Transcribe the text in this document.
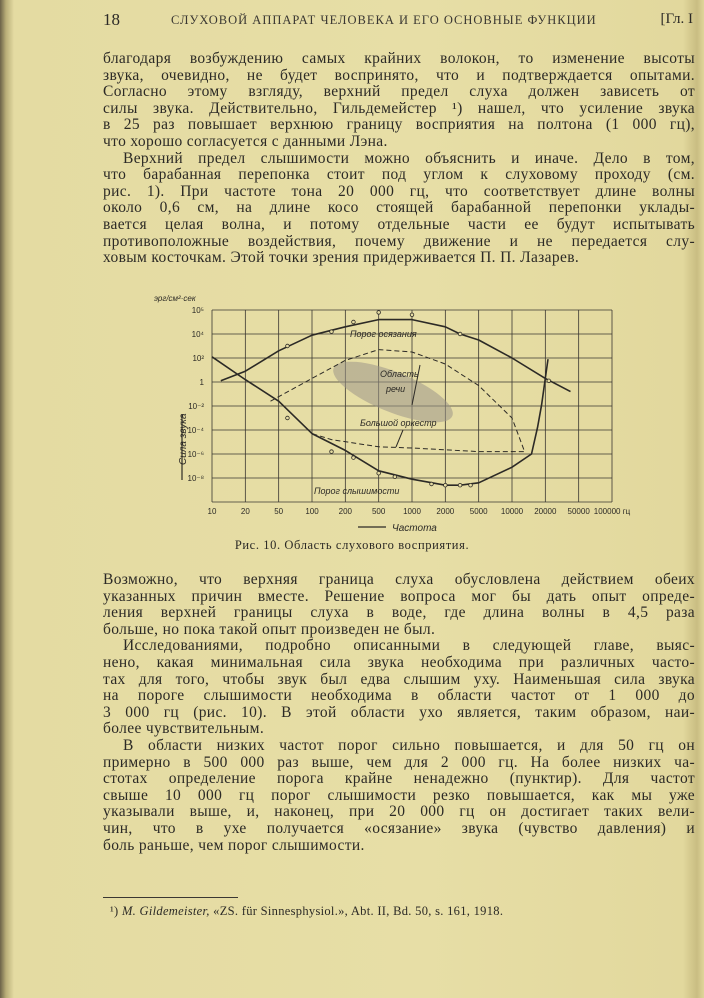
18	СЛУХОВОЙ АППАРАТ ЧЕЛОВЕКА И ЕГО ОСНОВНЫЕ ФУНКЦИИ	[Гл. I
благодаря возбуждению самых крайних волокон, то изменение высоты
звука, очевидно, не будет воспринято, что и подтверждается опытами.
Согласно этому взгляду, верхний предел слуха должен зависеть от
силы звука. Действительно, Гильдемейстер ¹) нашел, что усиление звука
в 25 раз повышает верхнюю границу восприятия на полтона (1 000 гц),
что хорошо согласуется с данными Лэна.
Верхний предел слышимости можно объяснить и иначе. Дело в том,
что барабанная перепонка стоит под углом к слуховому проходу (см.
рис. 1). При частоте тона 20 000 гц, что соответствует длине волны
около 0,6 см, на длине косо стоящей барабанной перепонки уклады-
вается целая волна, и потому отдельные части ее будут испытывать
противоположные воздействия, почему движение и не передается слу-
ховым косточкам. Этой точки зрения придерживается П. П. Лазарев.
10	20	50	100 200 500 1000 2000 5000 10000 20000 50000 100000 гц
10⁵
10⁴
10²
1
10⁻²
10⁻⁴
10⁻⁶
10⁻⁸
Порог осязания
Область
речи
Большой оркестр
Порог слышимости
эрг/см²·сек
Сила звука
Частота
Рис. 10. Область слухового восприятия.
Возможно, что верхняя граница слуха обусловлена действием обеих
указанных причин вместе. Решение вопроса мог бы дать опыт опреде-
ления верхней границы слуха в воде, где длина волны в 4,5 раза
больше, но пока такой опыт произведен не был.
Исследованиями, подробно описанными в следующей главе, выяс-
нено, какая минимальная сила звука необходима при различных часто-
тах для того, чтобы звук был едва слышим уху. Наименьшая сила звука
на пороге слышимости необходима в области частот от 1 000 до
3 000 гц (рис. 10). В этой области ухо является, таким образом, наи-
более чувствительным.
В области низких частот порог сильно повышается, и для 50 гц он
примерно в 500 000 раз выше, чем для 2 000 гц. На более низких ча-
стотах определение порога крайне ненадежно (пунктир). Для частот
свыше 10 000 гц порог слышимости резко повышается, как мы уже
указывали выше, и, наконец, при 20 000 гц он достигает таких вели-
чин, что в ухе получается «осязание» звука (чувство давления) и
боль раньше, чем порог слышимости.
¹) M. Gildemeister, «ZS. für Sinnesphysiol.», Abt. II, Bd. 50, s. 161, 1918.
